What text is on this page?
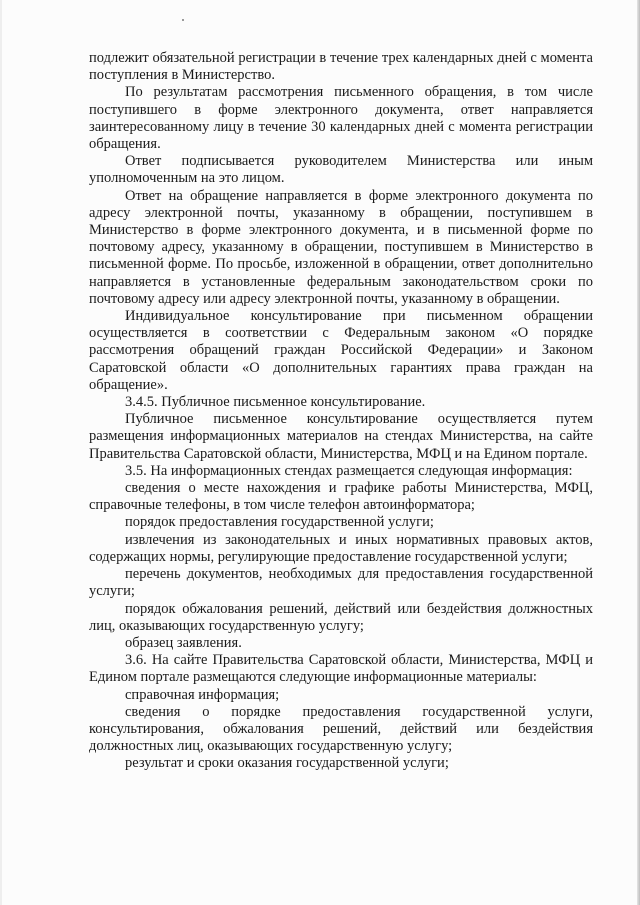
подлежит обязательной регистрации в течение трех календарных дней с момента поступления в Министерство.

По результатам рассмотрения письменного обращения, в том числе поступившего в форме электронного документа, ответ направляется заинтересованному лицу в течение 30 календарных дней с момента регистрации обращения.

Ответ подписывается руководителем Министерства или иным уполномоченным на это лицом.

Ответ на обращение направляется в форме электронного документа по адресу электронной почты, указанному в обращении, поступившем в Министерство в форме электронного документа, и в письменной форме по почтовому адресу, указанному в обращении, поступившем в Министерство в письменной форме. По просьбе, изложенной в обращении, ответ дополнительно направляется в установленные федеральным законодательством сроки по почтовому адресу или адресу электронной почты, указанному в обращении.

Индивидуальное консультирование при письменном обращении осуществляется в соответствии с Федеральным законом «О порядке рассмотрения обращений граждан Российской Федерации» и Законом Саратовской области «О дополнительных гарантиях права граждан на обращение».

3.4.5. Публичное письменное консультирование.

Публичное письменное консультирование осуществляется путем размещения информационных материалов на стендах Министерства, на сайте Правительства Саратовской области, Министерства, МФЦ и на Едином портале.

3.5. На информационных стендах размещается следующая информация:

сведения о месте нахождения и графике работы Министерства, МФЦ, справочные телефоны, в том числе телефон автоинформатора;

порядок предоставления государственной услуги;

извлечения из законодательных и иных нормативных правовых актов, содержащих нормы, регулирующие предоставление государственной услуги;

перечень документов, необходимых для предоставления государственной услуги;

порядок обжалования решений, действий или бездействия должностных лиц, оказывающих государственную услугу;

образец заявления.

3.6. На сайте Правительства Саратовской области, Министерства, МФЦ и Едином портале размещаются следующие информационные материалы:

справочная информация;

сведения о порядке предоставления государственной услуги, консультирования, обжалования решений, действий или бездействия должностных лиц, оказывающих государственную услугу;

результат и сроки оказания государственной услуги;
